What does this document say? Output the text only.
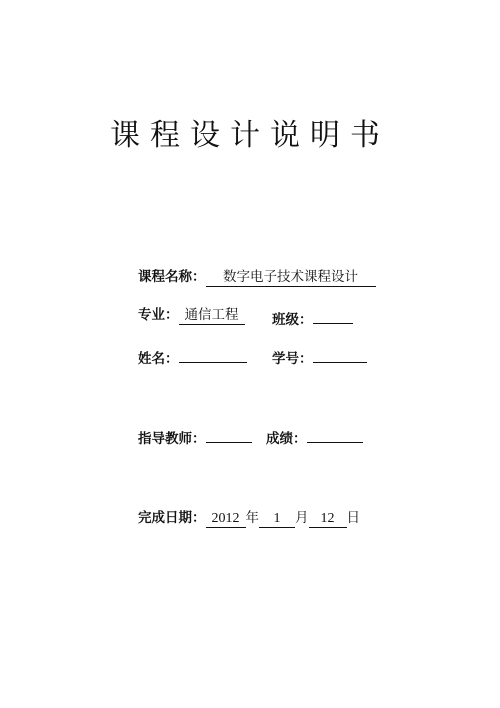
课程设计说明书
课程名称： 数字电子技术课程设计
专业： 通信工程	班级：
姓名：	学号：
指导教师：	成绩：
完成日期： 2012 年 1 月 12 日
